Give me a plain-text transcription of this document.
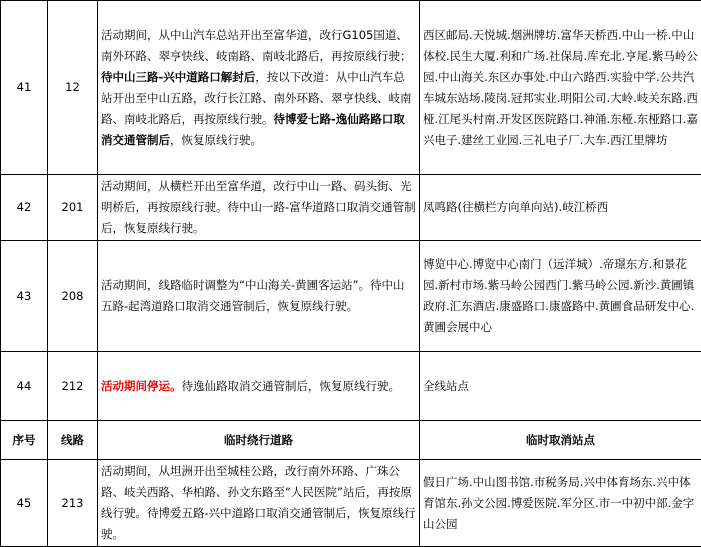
41	12	活动期间，从中山汽车总站开出至富华道，改行G105国道、南外环路、翠亨快线、岐南路、南岐北路后，再按原线行驶；待中山三路-兴中道路口解封后，按以下改道：从中山汽车总站开出至中山五路，改行长江路、南外环路、翠亨快线、岐南路、南岐北路后，再按原线行驶。待博爱七路-逸仙路路口取消交通管制后，恢复原线行驶。	西区邮局.天悦城.烟洲牌坊.富华天桥西.中山一桥.中山体校.民生大厦.利和广场.社保局.库充北.亨尾.紫马岭公园.中山海关.东区办事处.中山六路西.实验中学.公共汽车城东站场.陵岗.冠邦实业.明阳公司.大岭.岐关东路.西桠.江尾头村南.开发区医院路口.神涌.东桠.东桠路口.嘉兴电子.建丝工业园.三礼电子厂.大车.西江里牌坊
42	201	活动期间，从横栏开出至富华道，改行中山一路、码头街、光明桥后，再按原线行驶。待中山一路-富华道路口取消交通管制后，恢复原线行驶。	凤鸣路(往横栏方向单向站).岐江桥西
43	208	活动期间，线路临时调整为“中山海关-黄圃客运站”。待中山五路-起湾道路口取消交通管制后，恢复原线行驶。	博览中心.博览中心南门（远洋城）.帝璟东方.和景花园.新村市场.紫马岭公园西门.紫马岭公园.新沙.黄圃镇政府.汇东酒店.康盛路口.康盛路中.黄圃食品研发中心.黄圃会展中心
44	212	活动期间停运。待逸仙路取消交通管制后，恢复原线行驶。	全线站点
序号	线路	临时绕行道路	临时取消站点
45	213	活动期间，从坦洲开出至城桂公路，改行南外环路、广珠公路、岐关西路、华柏路、孙文东路至“人民医院”站后，再按原线行驶。待博爱五路-兴中道路口取消交通管制后，恢复原线行驶。	假日广场.中山图书馆.市税务局.兴中体育场东.兴中体育馆东.孙文公园.博爱医院.军分区.市一中初中部.金字山公园
